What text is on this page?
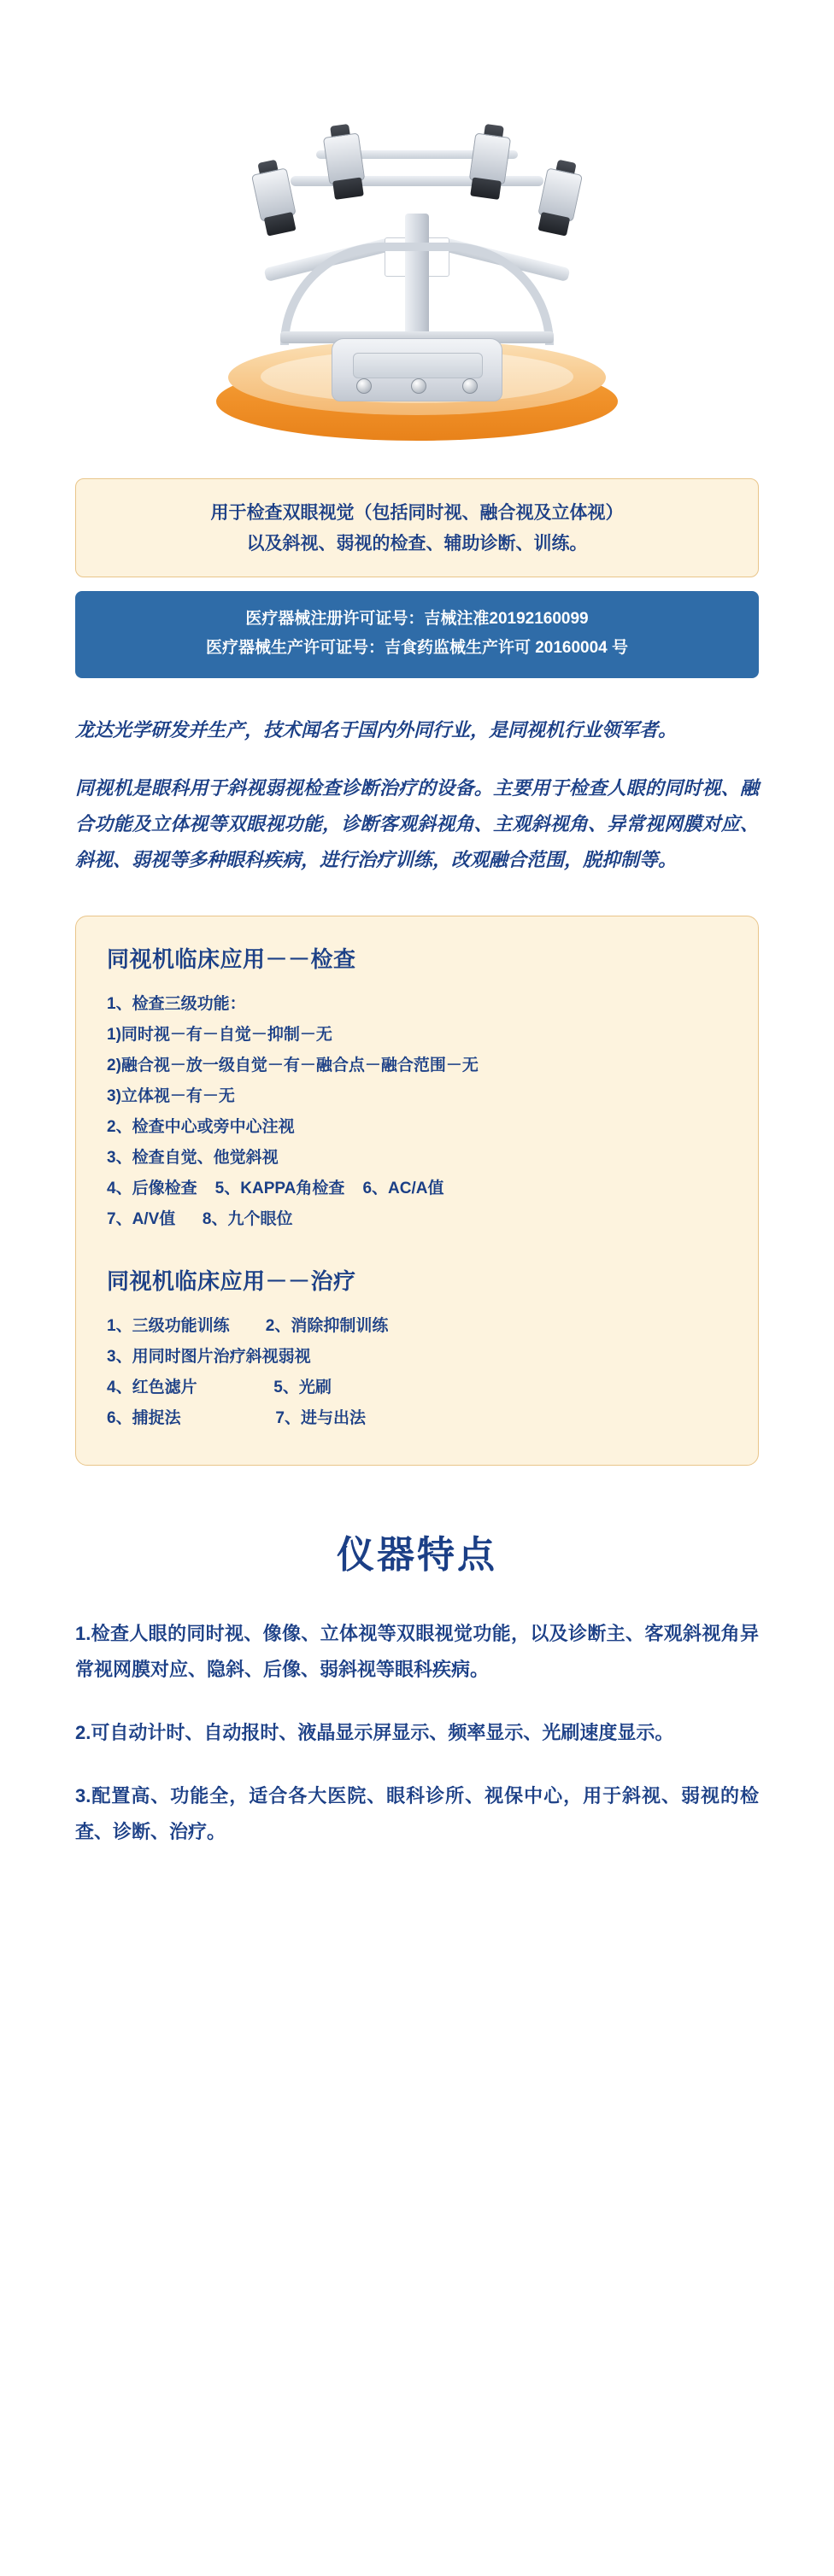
用于检查双眼视觉（包括同时视、融合视及立体视）
以及斜视、弱视的检查、辅助诊断、训练。
医疗器械注册许可证号：吉械注准20192160099
医疗器械生产许可证号：吉食药监械生产许可 20160004 号

龙达光学研发并生产，技术闻名于国内外同行业，是同视机行业领军者。

同视机是眼科用于斜视弱视检查诊断治疗的设备。主要用于检查人眼的同时视、融合功能及立体视等双眼视功能，诊断客观斜视角、主观斜视角、异常视网膜对应、斜视、弱视等多种眼科疾病，进行治疗训练，改观融合范围，脱抑制等。

同视机临床应用－－检查
1、检查三级功能：
1)同时视－有－自觉－抑制－无
2)融合视－放一级自觉－有－融合点－融合范围－无
3)立体视－有－无
2、检查中心或旁中心注视
3、检查自觉、他觉斜视
4、后像检查    5、KAPPA角检查    6、AC/A值
7、A/V值      8、九个眼位
同视机临床应用－－治疗
1、三级功能训练        2、消除抑制训练
3、用同时图片治疗斜视弱视
4、红色滤片                 5、光刷
6、捕捉法                     7、进与出法
仪器特点

1.检查人眼的同时视、像像、立体视等双眼视觉功能，以及诊断主、客观斜视角异常视网膜对应、隐斜、后像、弱斜视等眼科疾病。

2.可自动计时、自动报时、液晶显示屏显示、频率显示、光刷速度显示。

3.配置高、功能全，适合各大医院、眼科诊所、视保中心，用于斜视、弱视的检查、诊断、治疗。
